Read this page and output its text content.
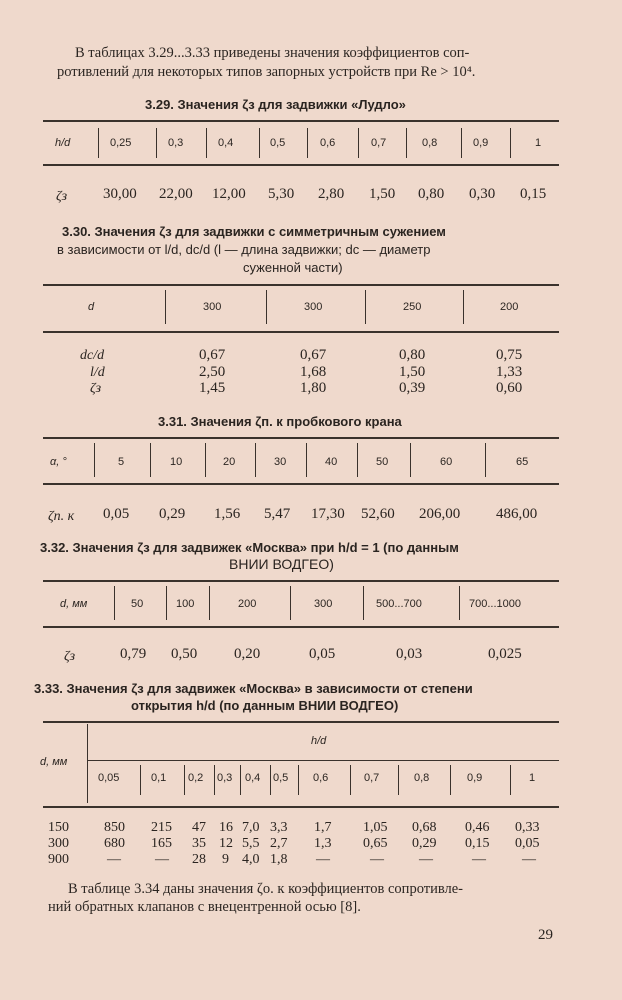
В таблицах 3.29...3.33 приведены значения коэффициентов соп-
ротивлений для некоторых типов запорных устройств при Re > 10⁴.
3.29. Значения ζз для задвижки «Лудло»
h/d	0,25	0,3	0,4	0,5	0,6	0,7	0,8	0,9	1
ζз 30,00 22,00 12,00 5,30 2,80 1,50 0,80 0,30 0,15
3.30. Значения ζз для задвижки с симметричным сужением
в зависимости от l/d, dc/d (l — длина задвижки; dc — диаметр
суженной части)
d	300	300	250	200
dc/d	0,67	0,67	0,80	0,75
l/d	2,50	1,68	1,50	1,33
ζз	1,45	1,80	0,39	0,60
3.31. Значения ζп. к пробкового крана
α, °	5	10	20	30	40	50	60	65
ζп. к 0,05 0,29 1,56 5,47 17,30 52,60 206,00 486,00
3.32. Значения ζз для задвижек «Москва» при h/d = 1 (по данным
ВНИИ ВОДГЕО)
d, мм	50	100	200	300	500...700	700...1000
ζз	0,79 0,50 0,20	0,05	0,03	0,025
3.33. Значения ζз для задвижек «Москва» в зависимости от степени
открытия h/d (по данным ВНИИ ВОДГЕО)
d, мм
h/d
0,05	0,1 0,2 0,3 0,4 0,5 0,6	0,7	0,8	0,9	1
150	850 215 47 16 7,0 3,3 1,7 1,05 0,68 0,46 0,33
300	680 165 35 12 5,5 2,7 1,3 0,65 0,29 0,15 0,05
900	— — 28 9 4,0 1,8 —	—	—	—	—
В таблице 3.34 даны значения ζо. к коэффициентов сопротивле-
ний обратных клапанов с внецентренной осью [8].
29
